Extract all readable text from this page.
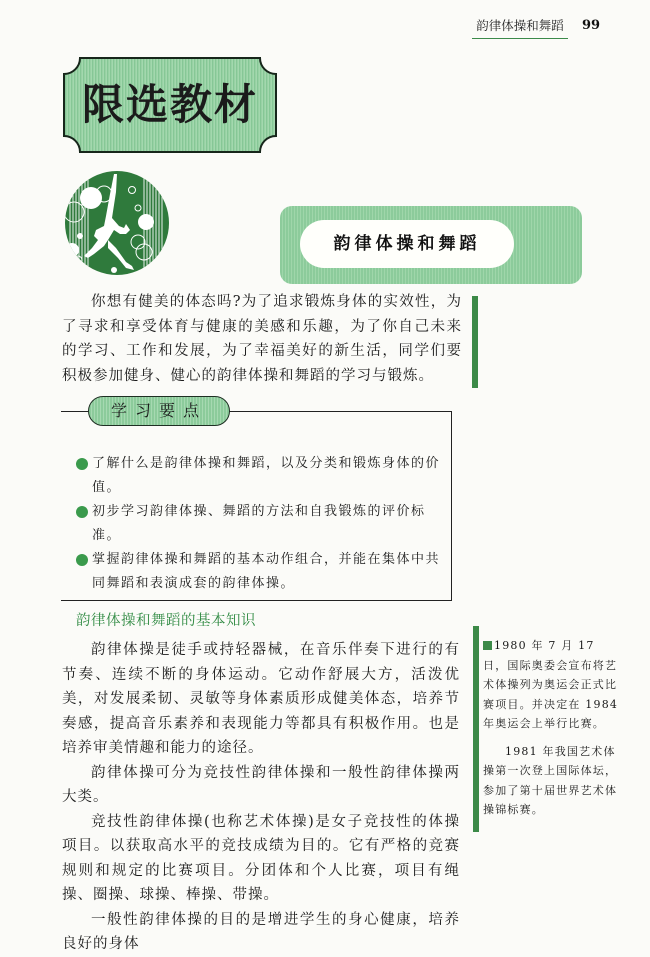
韵律体操和舞蹈	99
限选教材
韵律体操和舞蹈

你想有健美的体态吗?为了追求锻炼身体的实效性，为了寻求和享受体育与健康的美感和乐趣，为了你自己未来的学习、工作和发展，为了幸福美好的新生活，同学们要积极参加健身、健心的韵律体操和舞蹈的学习与锻炼。

学习要点
了解什么是韵律体操和舞蹈，以及分类和锻炼身体的价值。
初步学习韵律体操、舞蹈的方法和自我锻炼的评价标准。
掌握韵律体操和舞蹈的基本动作组合，并能在集体中共同舞蹈和表演成套的韵律体操。
韵律体操和舞蹈的基本知识

韵律体操是徒手或持轻器械，在音乐伴奏下进行的有节奏、连续不断的身体运动。它动作舒展大方，活泼优美，对发展柔韧、灵敏等身体素质形成健美体态，培养节奏感，提高音乐素养和表现能力等都具有积极作用。也是培养审美情趣和能力的途径。

韵律体操可分为竞技性韵律体操和一般性韵律体操两大类。

竞技性韵律体操(也称艺术体操)是女子竞技性的体操项目。以获取高水平的竞技成绩为目的。它有严格的竞赛规则和规定的比赛项目。分团体和个人比赛，项目有绳操、圈操、球操、棒操、带操。

一般性韵律体操的目的是增进学生的身心健康，培养良好的身体

1980 年 7 月 17 日，国际奥委会宣布将艺术体操列为奥运会正式比赛项目。并决定在 1984 年奥运会上举行比赛。

1981 年我国艺术体操第一次登上国际体坛，参加了第十届世界艺术体操锦标赛。
